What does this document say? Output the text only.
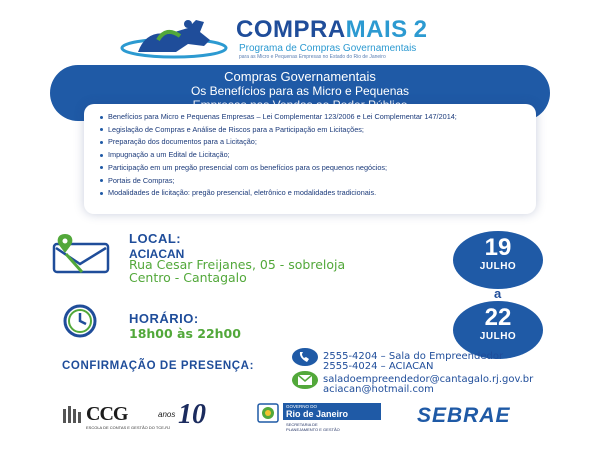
COMPRAMAIS 2
Programa de Compras Governamentais
para as Micro e Pequenas Empresas no Estado do Rio de Janeiro
Compras Governamentais
Os Benefícios para as Micro e Pequenas
Benefícios para Micro e Pequenas Empresas – Lei Complementar 123/2006 e Lei Complementar 147/2014;
Legislação de Compras e Análise de Riscos para a Participação em Licitações;
Preparação dos documentos para a Licitação;
Impugnação a um Edital de Licitação;
Participação em um pregão presencial com os benefícios para os pequenos negócios;
Portais de Compras;
Modalidades de licitação: pregão presencial, eletrônico e modalidades tradicionais.
LOCAL:
ACIACAN
Rua Cesar Freijanes, 05 - sobreloja
Centro - Cantagalo
19
JULHO
a
22
JULHO
HORÁRIO:
18h00 às 22h00
CONFIRMAÇÃO DE PRESENÇA:
2555-4204 – Sala do Empreendedor
2555-4024 – ACIACAN
saladoempreendedor@cantagalo.rj.gov.br
aciacan@hotmail.com
CCG	anos 10
ESCOLA DE CONTAS E GESTÃO DO TCE-RJ
GOVERNO DO
Rio de Janeiro
SECRETARIA DE
PLANEJAMENTO E GESTÃO
SEBRAE
